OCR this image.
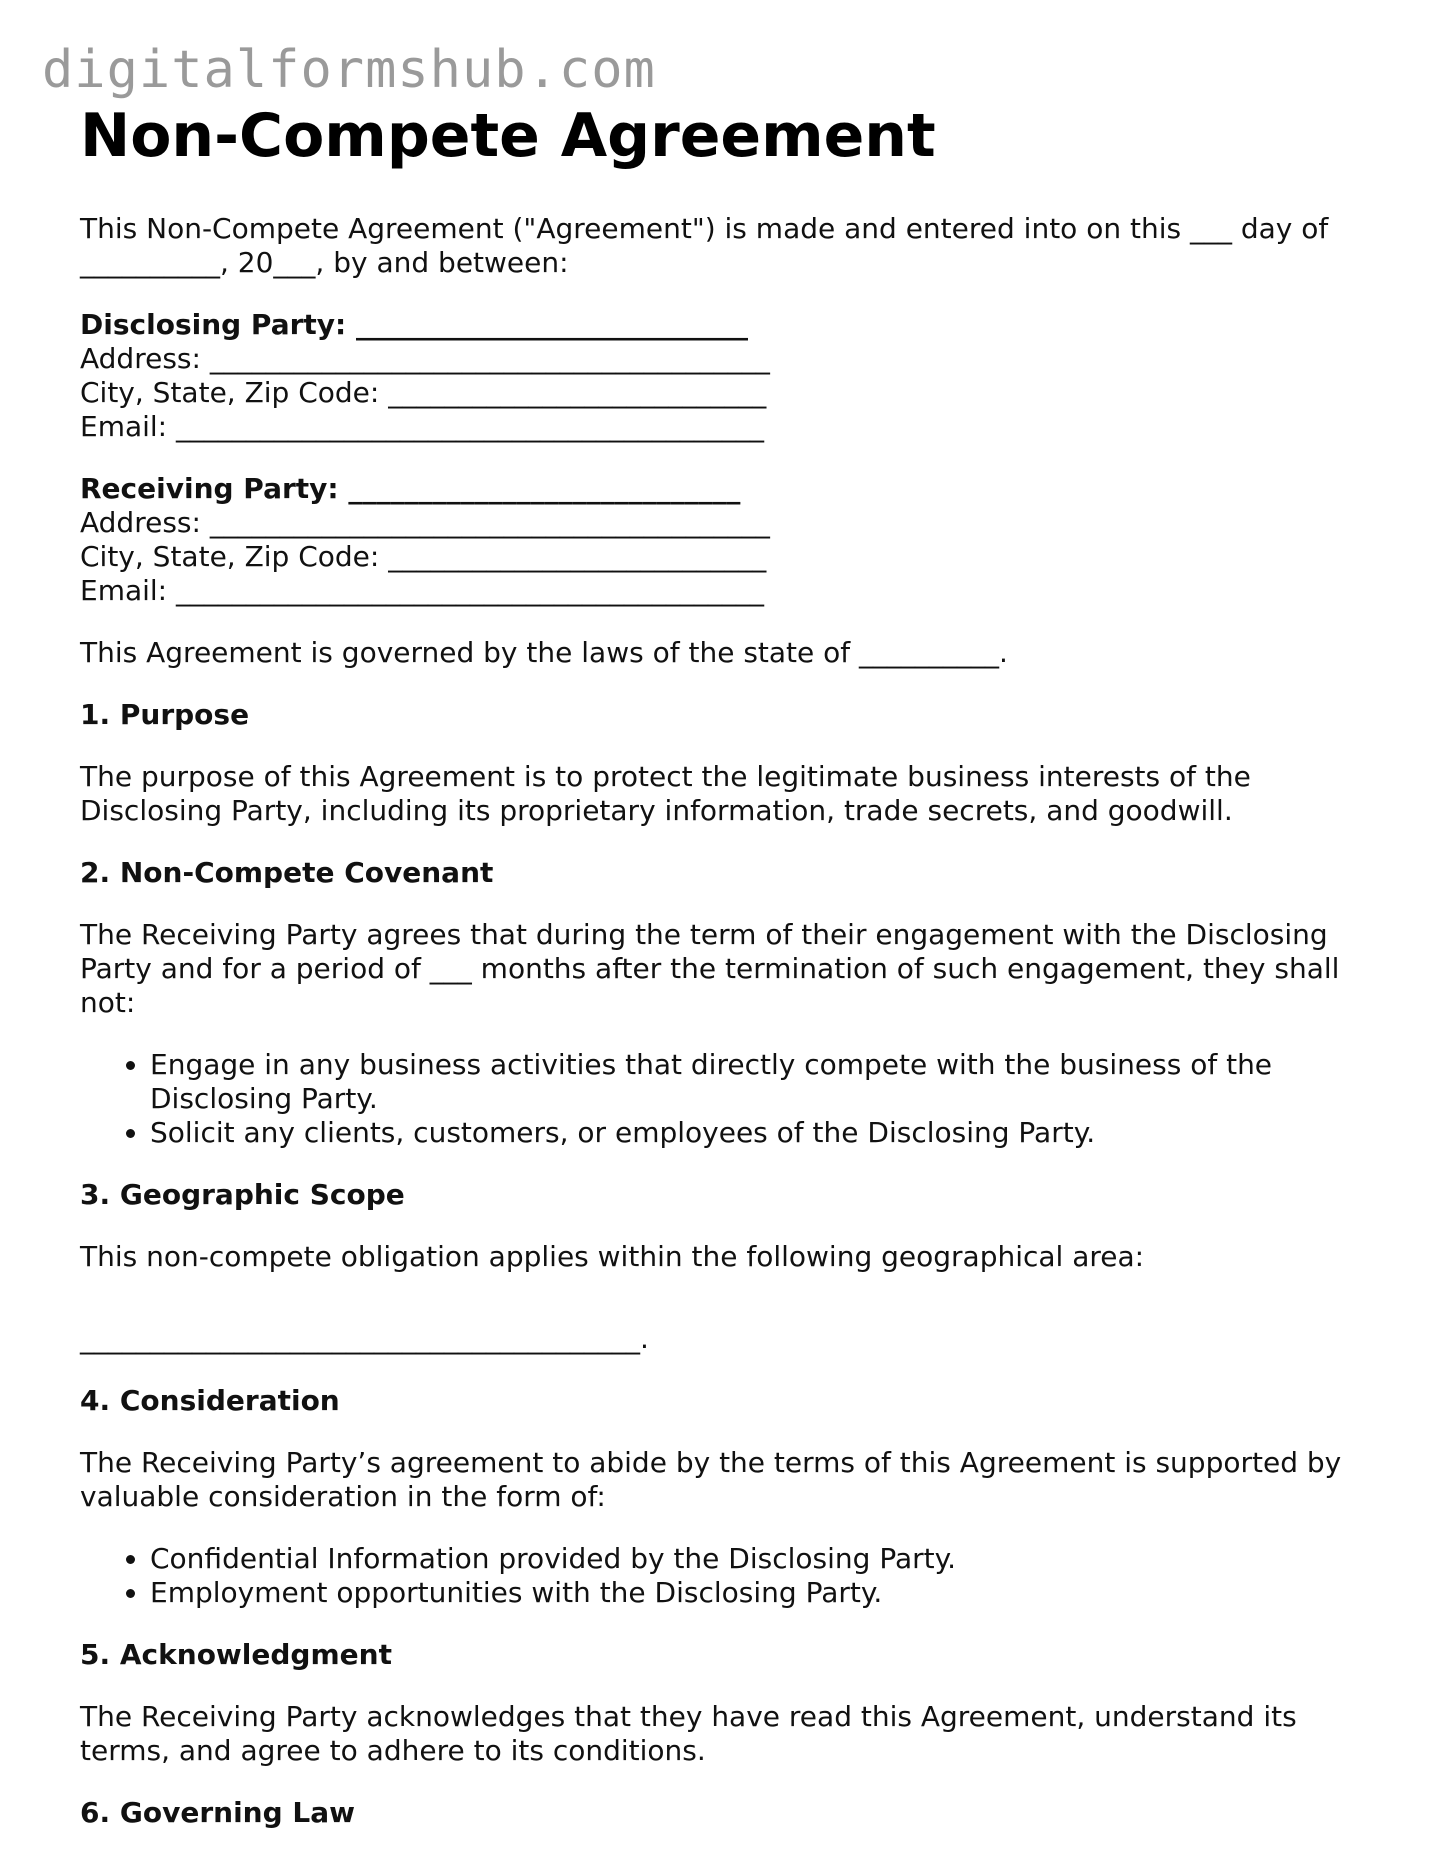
digitalformshub.com
Non-Compete Agreement

This Non-Compete Agreement ("Agreement") is made and entered into on this ___ day of __________, 20___, by and between:

Disclosing Party: ____________________________
Address: ________________________________________
City, State, Zip Code: ___________________________
Email: __________________________________________
Receiving Party: ____________________________
Address: ________________________________________
City, State, Zip Code: ___________________________
Email: __________________________________________

This Agreement is governed by the laws of the state of __________.

1. Purpose

The purpose of this Agreement is to protect the legitimate business interests of the Disclosing Party, including its proprietary information, trade secrets, and goodwill.

2. Non-Compete Covenant

The Receiving Party agrees that during the term of their engagement with the Disclosing Party and for a period of ___ months after the termination of such engagement, they shall not:

• Engage in any business activities that directly compete with the business of the Disclosing Party.
• Solicit any clients, customers, or employees of the Disclosing Party.
3. Geographic Scope

This non-compete obligation applies within the following geographical area:

________________________________________.

4. Consideration

The Receiving Party’s agreement to abide by the terms of this Agreement is supported by valuable consideration in the form of:

• Confidential Information provided by the Disclosing Party.
• Employment opportunities with the Disclosing Party.
5. Acknowledgment

The Receiving Party acknowledges that they have read this Agreement, understand its terms, and agree to adhere to its conditions.

6. Governing Law
